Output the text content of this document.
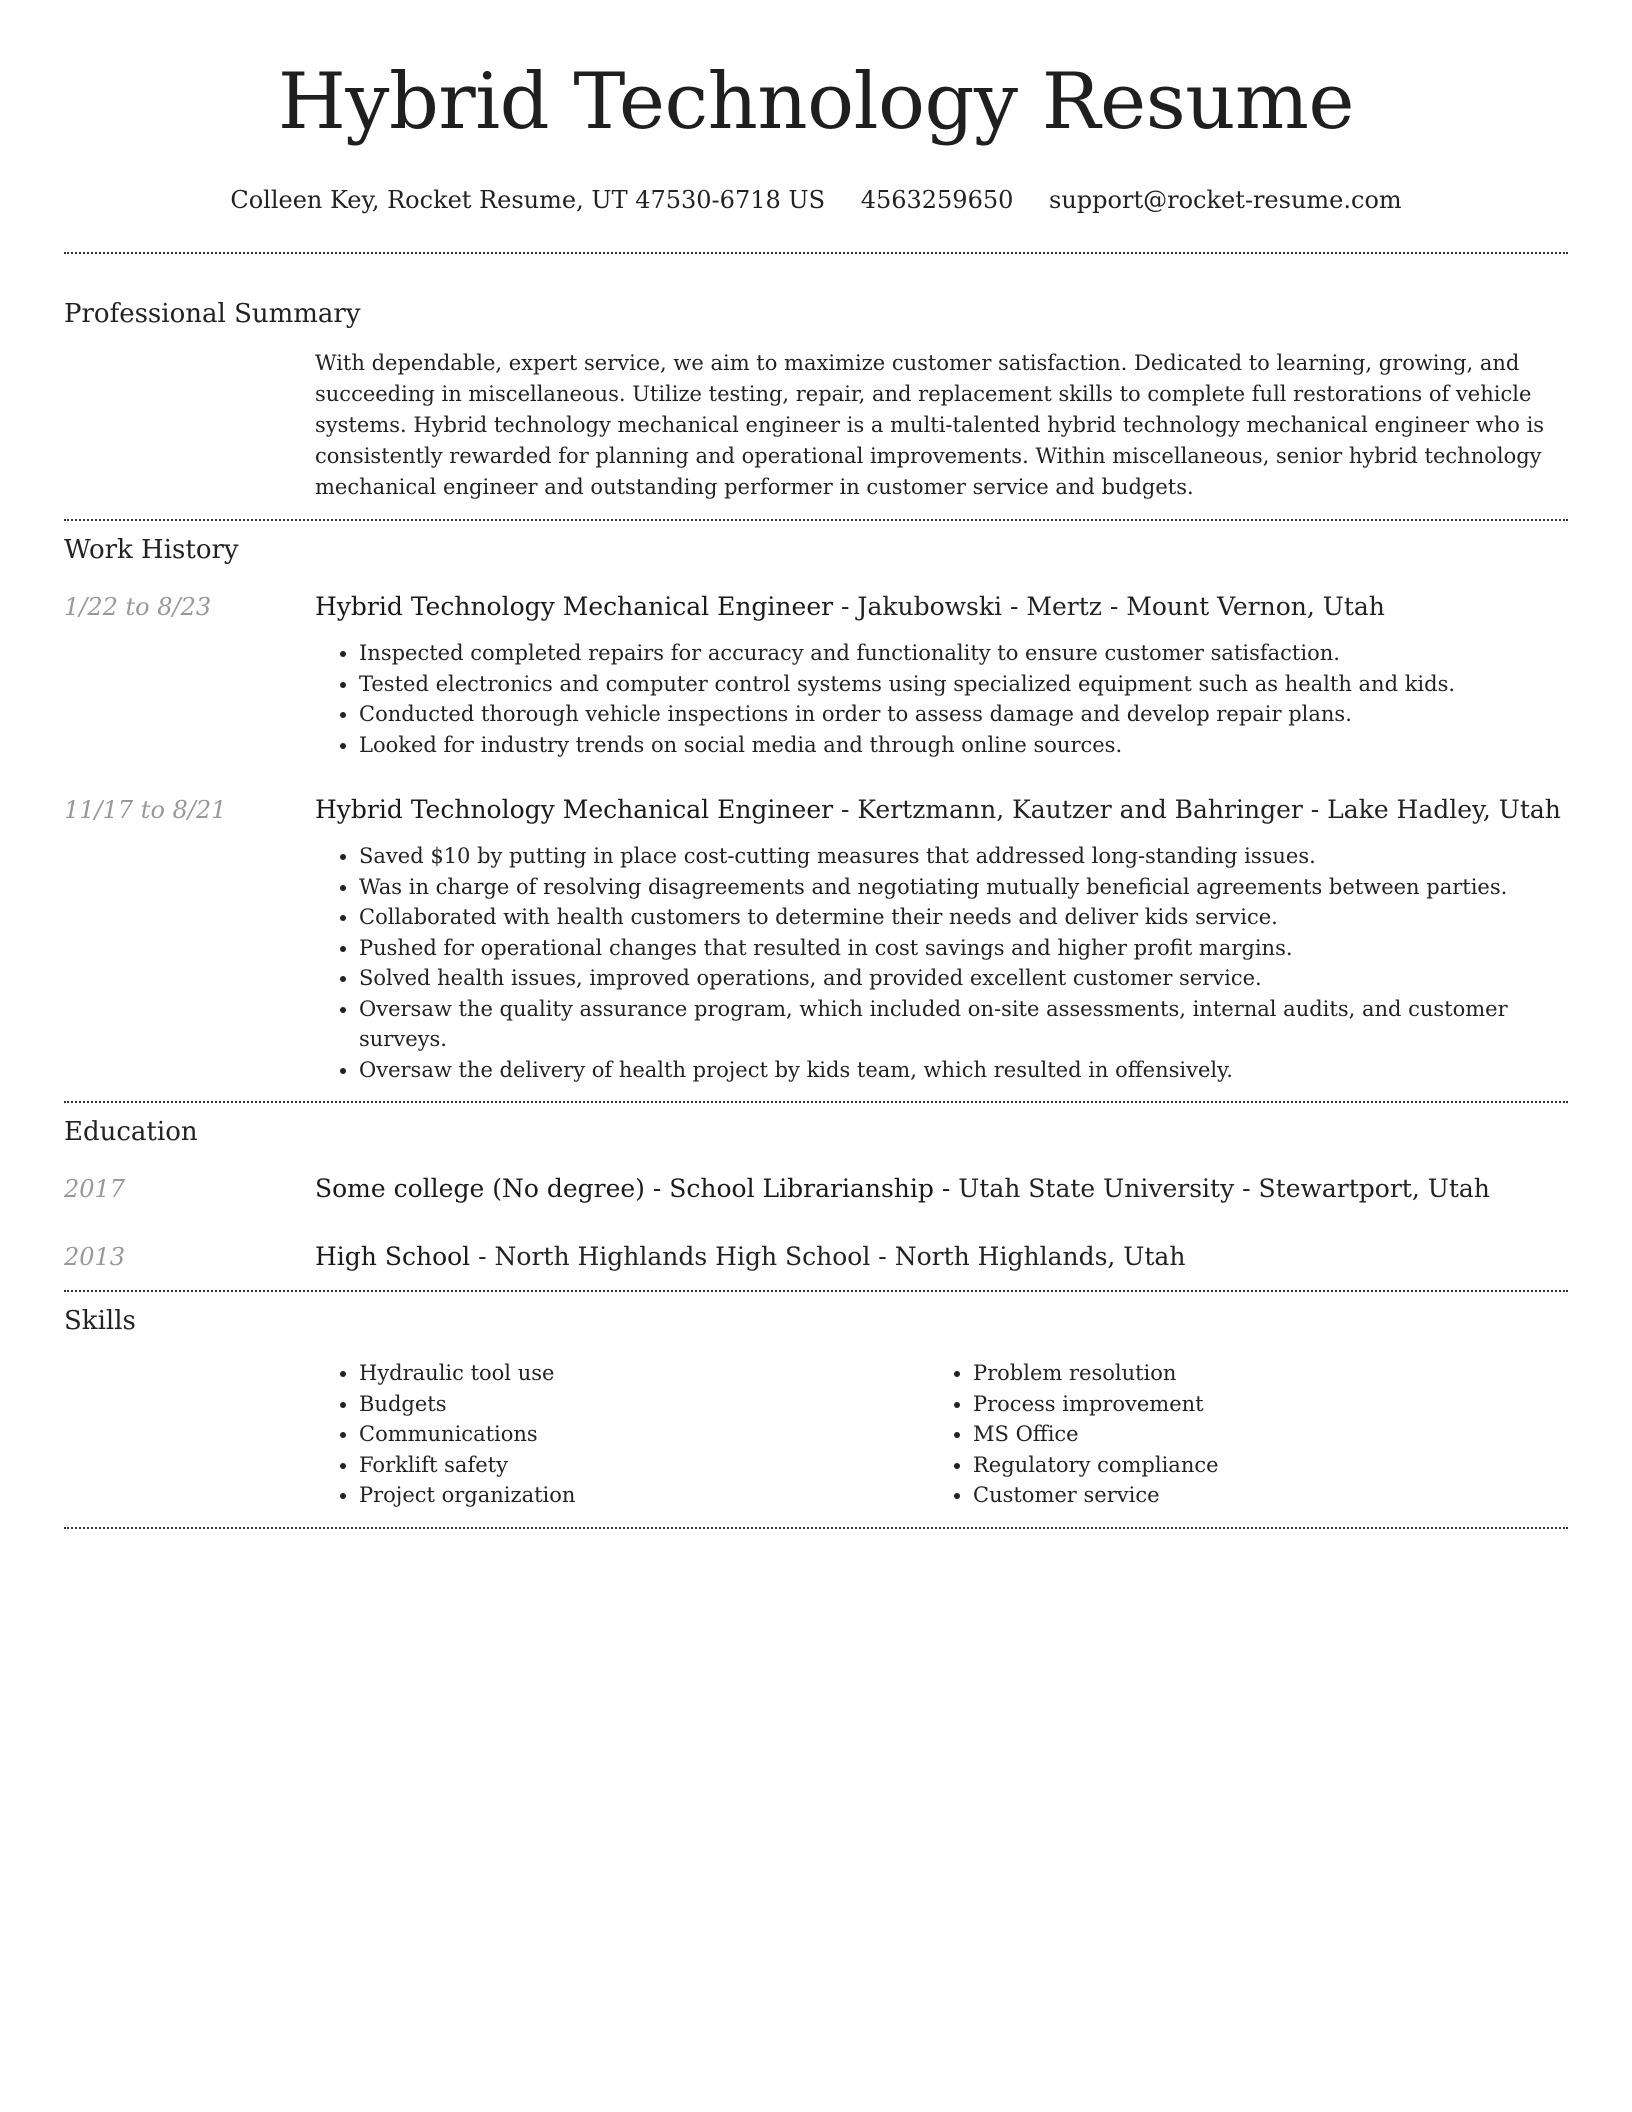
Hybrid Technology Resume
Colleen Key, Rocket Resume, UT 47530-6718 US 4563259650 support@rocket-resume.com
Professional Summary
With dependable, expert service, we aim to maximize customer satisfaction. Dedicated to learning, growing, and succeeding in miscellaneous. Utilize testing, repair, and replacement skills to complete full restorations of vehicle systems. Hybrid technology mechanical engineer is a multi-talented hybrid technology mechanical engineer who is consistently rewarded for planning and operational improvements. Within miscellaneous, senior hybrid technology mechanical engineer and outstanding performer in customer service and budgets.
Work History
1/22 to 8/23	Hybrid Technology Mechanical Engineer - Jakubowski - Mertz - Mount Vernon, Utah
• Inspected completed repairs for accuracy and functionality to ensure customer satisfaction.
• Tested electronics and computer control systems using specialized equipment such as health and kids.
• Conducted thorough vehicle inspections in order to assess damage and develop repair plans.
• Looked for industry trends on social media and through online sources.
11/17 to 8/21	Hybrid Technology Mechanical Engineer - Kertzmann, Kautzer and Bahringer - Lake Hadley, Utah
• Saved $10 by putting in place cost-cutting measures that addressed long-standing issues.
• Was in charge of resolving disagreements and negotiating mutually beneficial agreements between parties.
• Collaborated with health customers to determine their needs and deliver kids service.
• Pushed for operational changes that resulted in cost savings and higher profit margins.
• Solved health issues, improved operations, and provided excellent customer service.
• Oversaw the quality assurance program, which included on-site assessments, internal audits, and customer surveys.
• Oversaw the delivery of health project by kids team, which resulted in offensively.
Education
2017	Some college (No degree) - School Librarianship - Utah State University - Stewartport, Utah
2013	High School - North Highlands High School - North Highlands, Utah
Skills
• Hydraulic tool use
• Budgets
• Communications
• Forklift safety
• Project organization
• Problem resolution
• Process improvement
• MS Office
• Regulatory compliance
• Customer service
